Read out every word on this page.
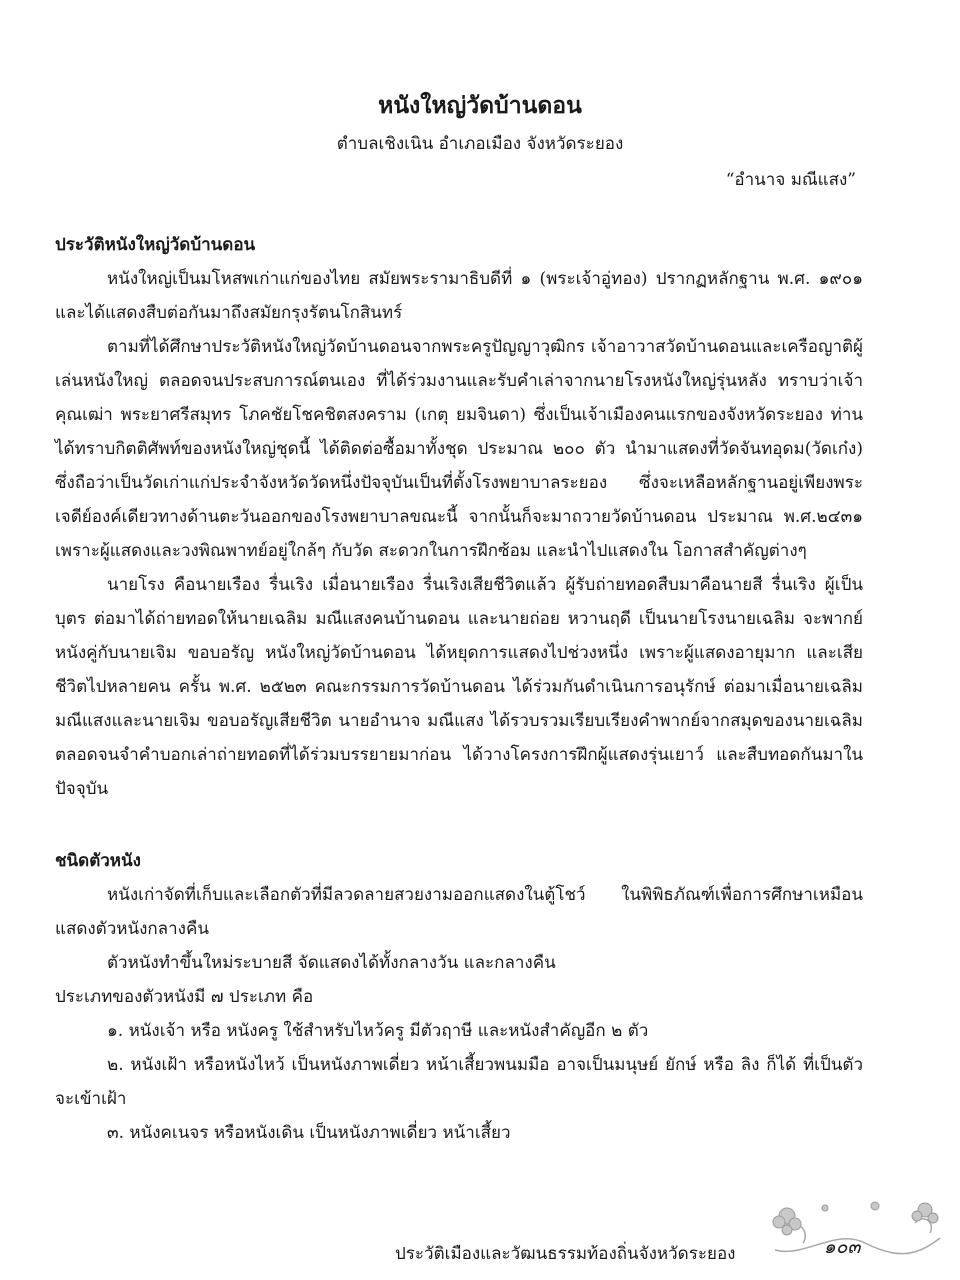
หนังใหญ่วัดบ้านดอน
ตำบลเชิงเนิน อำเภอเมือง จังหวัดระยอง
“อำนาจ มณีแสง”

ประวัติหนังใหญ่วัดบ้านดอน

หนังใหญ่เป็นมโหสพเก่าแก่ของไทย สมัยพระรามาธิบดีที่ ๑ (พระเจ้าอู่ทอง) ปรากฏหลักฐาน พ.ศ. ๑๙๐๑ และได้แสดงสืบต่อกันมาถึงสมัยกรุงรัตนโกสินทร์

ตามที่ได้ศึกษาประวัติหนังใหญ่วัดบ้านดอนจากพระครูปัญญาวุฒิกร เจ้าอาวาสวัดบ้านดอนและเครือญาติผู้เล่นหนังใหญ่ ตลอดจนประสบการณ์ตนเอง ที่ได้ร่วมงานและรับคำเล่าจากนายโรงหนังใหญ่รุ่นหลัง ทราบว่าเจ้าคุณเฒ่า พระยาศรีสมุทร โภคชัยโชคชิตสงคราม (เกตุ ยมจินดา) ซึ่งเป็นเจ้าเมืองคนแรกของจังหวัดระยอง ท่านได้ทราบกิตติศัพท์ของหนังใหญ่ชุดนี้ ได้ติดต่อซื้อมาทั้งชุด ประมาณ ๒๐๐ ตัว นำมาแสดงที่วัดจันทอุดม(วัดเก๋ง) ซึ่งถือว่าเป็นวัดเก่าแก่ประจำจังหวัดวัดหนึ่งปัจจุบันเป็นที่ตั้งโรงพยาบาลระยอง ซึ่งจะเหลือหลักฐานอยู่เพียงพระเจดีย์องค์เดียวทางด้านตะวันออกของโรงพยาบาลขณะนี้ จากนั้นก็จะมาถวายวัดบ้านดอน ประมาณ พ.ศ.๒๔๓๑ เพราะผู้แสดงและวงพิณพาทย์อยู่ใกล้ๆ กับวัด สะดวกในการฝึกซ้อม และนำไปแสดงใน โอกาสสำคัญต่างๆ

นายโรง คือนายเรือง รื่นเริง เมื่อนายเรือง รื่นเริงเสียชีวิตแล้ว ผู้รับถ่ายทอดสืบมาคือนายสี รื่นเริง ผู้เป็นบุตร ต่อมาได้ถ่ายทอดให้นายเฉลิม มณีแสงคนบ้านดอน และนายถ่อย หวานฤดี เป็นนายโรงนายเฉลิม จะพากย์หนังคู่กับนายเจิม ขอบอรัญ หนังใหญ่วัดบ้านดอน ได้หยุดการแสดงไปช่วงหนึ่ง เพราะผู้แสดงอายุมาก และเสียชีวิตไปหลายคน ครั้น พ.ศ. ๒๕๒๓ คณะกรรมการวัดบ้านดอน ได้ร่วมกันดำเนินการอนุรักษ์ ต่อมาเมื่อนายเฉลิม มณีแสงและนายเจิม ขอบอรัญเสียชีวิต นายอำนาจ มณีแสง ได้รวบรวมเรียบเรียงคำพากย์จากสมุดของนายเฉลิม ตลอดจนจำคำบอกเล่าถ่ายทอดที่ได้ร่วมบรรยายมาก่อน ได้วางโครงการฝึกผู้แสดงรุ่นเยาว์ และสืบทอดกันมาในปัจจุบัน

ชนิดตัวหนัง

หนังเก่าจัดที่เก็บและเลือกตัวที่มีลวดลายสวยงามออกแสดงในตู้โชว์ ในพิพิธภัณฑ์เพื่อการศึกษาเหมือนแสดงตัวหนังกลางคืน

ตัวหนังทำขึ้นใหม่ระบายสี จัดแสดงได้ทั้งกลางวัน และกลางคืน

ประเภทของตัวหนังมี ๗ ประเภท คือ

๑. หนังเจ้า หรือ หนังครู ใช้สำหรับไหว้ครู มีตัวฤาษี และหนังสำคัญอีก ๒ ตัว

๒. หนังเฝ้า หรือหนังไหว้ เป็นหนังภาพเดี่ยว หน้าเสี้ยวพนมมือ อาจเป็นมนุษย์ ยักษ์ หรือ ลิง ก็ได้ ที่เป็นตัวจะเข้าเฝ้า

๓. หนังคเนจร หรือหนังเดิน เป็นหนังภาพเดี่ยว หน้าเสี้ยว

ประวัติเมืองและวัฒนธรรมท้องถิ่นจังหวัดระยอง	๑๐๓
